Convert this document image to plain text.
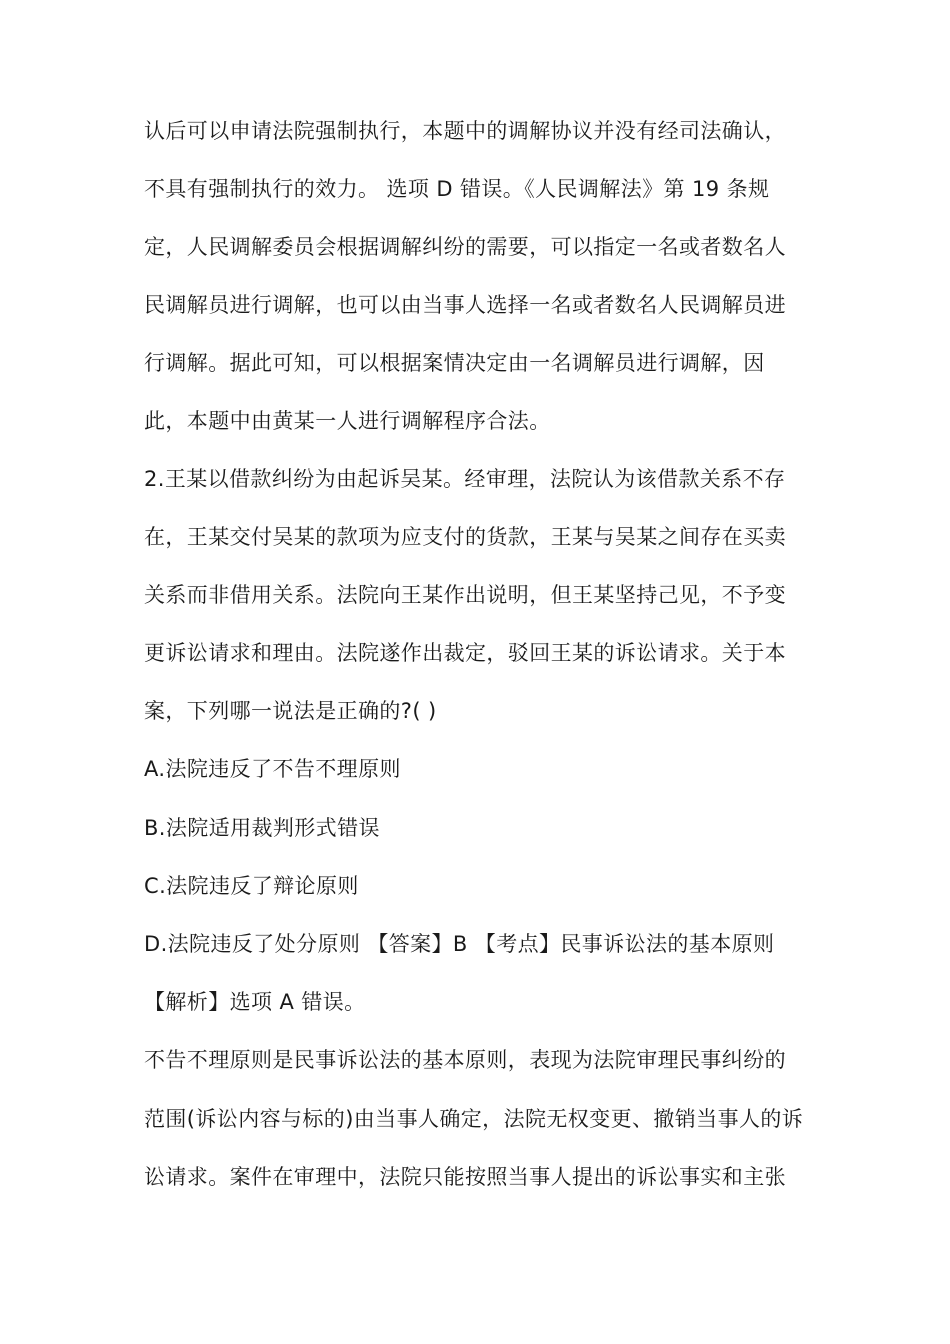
认后可以申请法院强制执行，本题中的调解协议并没有经司法确认，
不具有强制执行的效力。 选项 D 错误。《人民调解法》第 19 条规
定，人民调解委员会根据调解纠纷的需要，可以指定一名或者数名人
民调解员进行调解，也可以由当事人选择一名或者数名人民调解员进
行调解。据此可知，可以根据案情决定由一名调解员进行调解，因
此，本题中由黄某一人进行调解程序合法。
2.王某以借款纠纷为由起诉吴某。经审理，法院认为该借款关系不存
在，王某交付吴某的款项为应支付的货款，王某与吴某之间存在买卖
关系而非借用关系。法院向王某作出说明，但王某坚持己见，不予变
更诉讼请求和理由。法院遂作出裁定，驳回王某的诉讼请求。关于本
案，下列哪一说法是正确的?( )
A.法院违反了不告不理原则
B.法院适用裁判形式错误
C.法院违反了辩论原则
D.法院违反了处分原则 【答案】B 【考点】民事诉讼法的基本原则
【解析】选项 A 错误。
不告不理原则是民事诉讼法的基本原则，表现为法院审理民事纠纷的
范围(诉讼内容与标的)由当事人确定，法院无权变更、撤销当事人的诉
讼请求。案件在审理中，法院只能按照当事人提出的诉讼事实和主张
